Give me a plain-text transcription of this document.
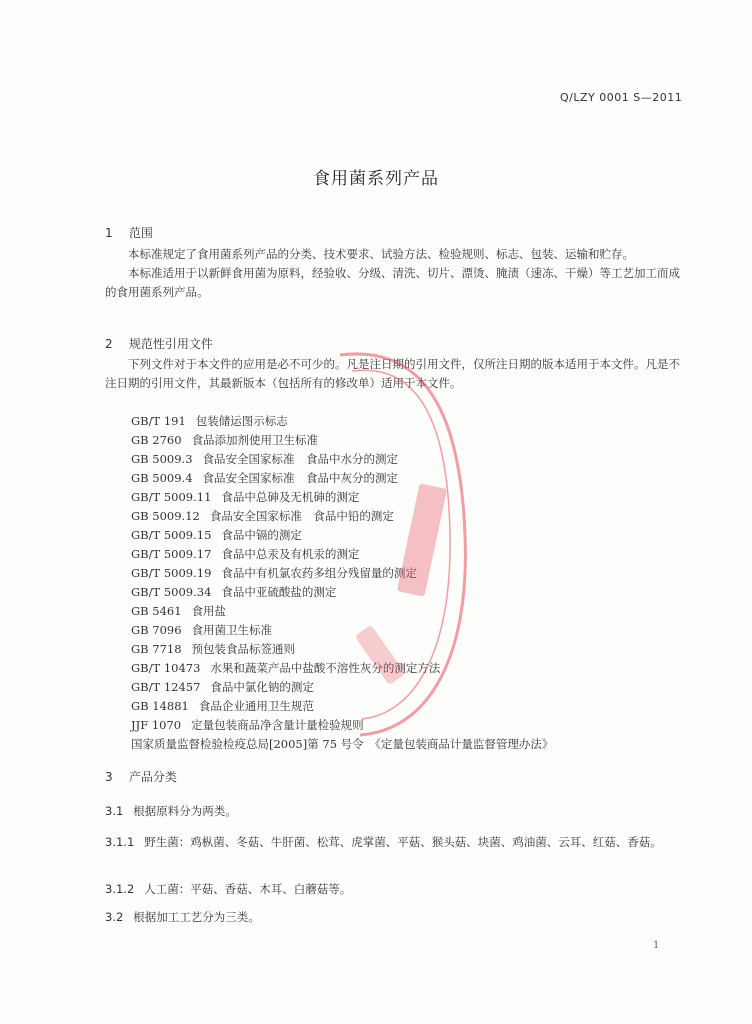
Q/LZY 0001 S—2011
食用菌系列产品
1 范围

本标准规定了食用菌系列产品的分类、技术要求、试验方法、检验规则、标志、包装、运输和贮存。

本标准适用于以新鲜食用菌为原料，经验收、分级、清洗、切片、漂烫、腌渍（速冻、干燥）等工艺加工而成的食用菌系列产品。

2 规范性引用文件

下列文件对于本文件的应用是必不可少的。凡是注日期的引用文件，仅所注日期的版本适用于本文件。凡是不注日期的引用文件，其最新版本（包括所有的修改单）适用于本文件。

GB/T 191 包装储运图示标志
GB 2760 食品添加剂使用卫生标准
GB 5009.3 食品安全国家标准　食品中水分的测定
GB 5009.4 食品安全国家标准　食品中灰分的测定
GB/T 5009.11 食品中总砷及无机砷的测定
GB 5009.12 食品安全国家标准　食品中铅的测定
GB/T 5009.15 食品中镉的测定
GB/T 5009.17 食品中总汞及有机汞的测定
GB/T 5009.19 食品中有机氯农药多组分残留量的测定
GB/T 5009.34 食品中亚硫酸盐的测定
GB 5461 食用盐
GB 7096 食用菌卫生标准
GB 7718 预包装食品标签通则
GB/T 10473 水果和蔬菜产品中盐酸不溶性灰分的测定方法
GB/T 12457 食品中氯化钠的测定
GB 14881 食品企业通用卫生规范
JJF 1070 定量包装商品净含量计量检验规则
国家质量监督检验检疫总局[2005]第 75 号令　《定量包装商品计量监督管理办法》
3 产品分类
3.1 根据原料分为两类。
3.1.1 野生菌：鸡枞菌、冬菇、牛肝菌、松茸、虎掌菌、平菇、猴头菇、块菌、鸡油菌、云耳、红菇、香菇。
3.1.2 人工菌：平菇、香菇、木耳、白蘑菇等。
3.2 根据加工工艺分为三类。
1
